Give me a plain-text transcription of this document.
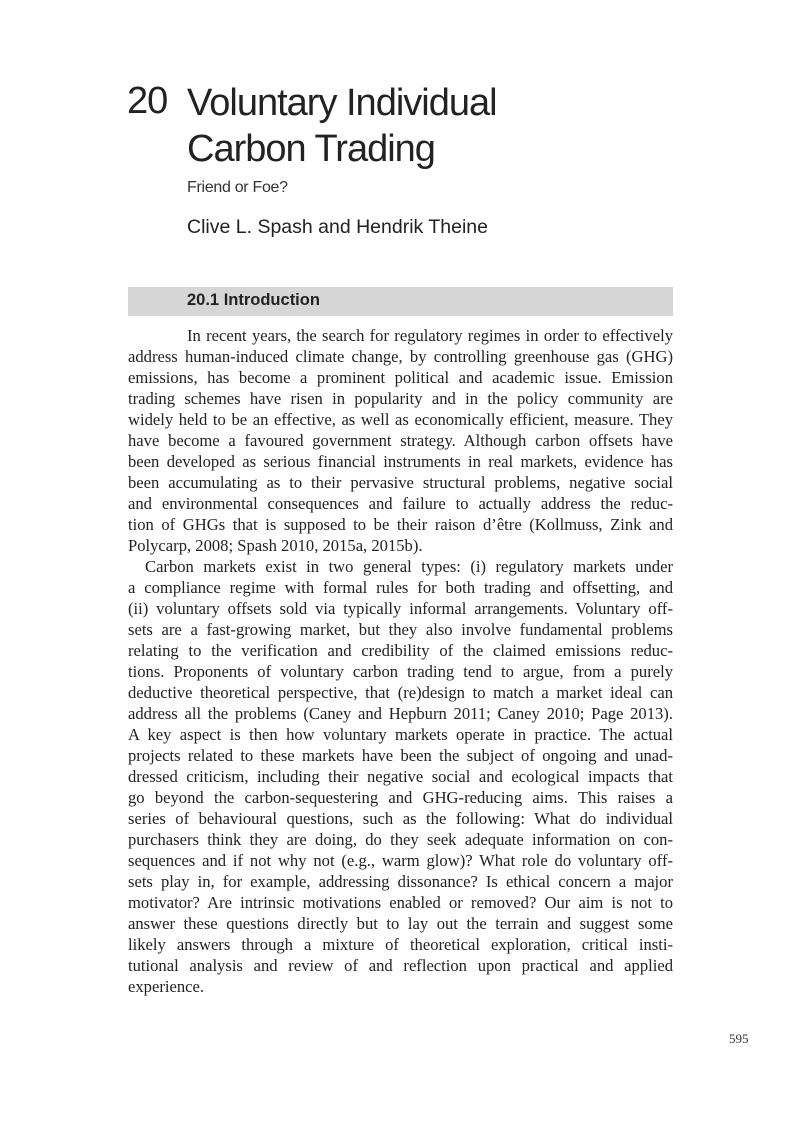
20 Voluntary Individual
Carbon Trading
Friend or Foe?
Clive L. Spash and Hendrik Theine
20.1 Introduction
In recent years, the search for regulatory regimes in order to effectively
address human-induced climate change, by controlling greenhouse gas (GHG)
emissions, has become a prominent political and academic issue. Emission
trading schemes have risen in popularity and in the policy community are
widely held to be an effective, as well as economically efficient, measure. They
have become a favoured government strategy. Although carbon offsets have
been developed as serious financial instruments in real markets, evidence has
been accumulating as to their pervasive structural problems, negative social
and environmental consequences and failure to actually address the reduc-
tion of GHGs that is supposed to be their raison d’être (Kollmuss, Zink and
Polycarp, 2008; Spash 2010, 2015a, 2015b).
Carbon markets exist in two general types: (i) regulatory markets under
a compliance regime with formal rules for both trading and offsetting, and
(ii) voluntary offsets sold via typically informal arrangements. Voluntary off-
sets are a fast-growing market, but they also involve fundamental problems
relating to the verification and credibility of the claimed emissions reduc-
tions. Proponents of voluntary carbon trading tend to argue, from a purely
deductive theoretical perspective, that (re)design to match a market ideal can
address all the problems (Caney and Hepburn 2011; Caney 2010; Page 2013).
A key aspect is then how voluntary markets operate in practice. The actual
projects related to these markets have been the subject of ongoing and unad-
dressed criticism, including their negative social and ecological impacts that
go beyond the carbon-sequestering and GHG-reducing aims. This raises a
series of behavioural questions, such as the following: What do individual
purchasers think they are doing, do they seek adequate information on con-
sequences and if not why not (e.g., warm glow)? What role do voluntary off-
sets play in, for example, addressing dissonance? Is ethical concern a major
motivator? Are intrinsic motivations enabled or removed? Our aim is not to
answer these questions directly but to lay out the terrain and suggest some
likely answers through a mixture of theoretical exploration, critical insti-
tutional analysis and review of and reflection upon practical and applied
experience.
595
